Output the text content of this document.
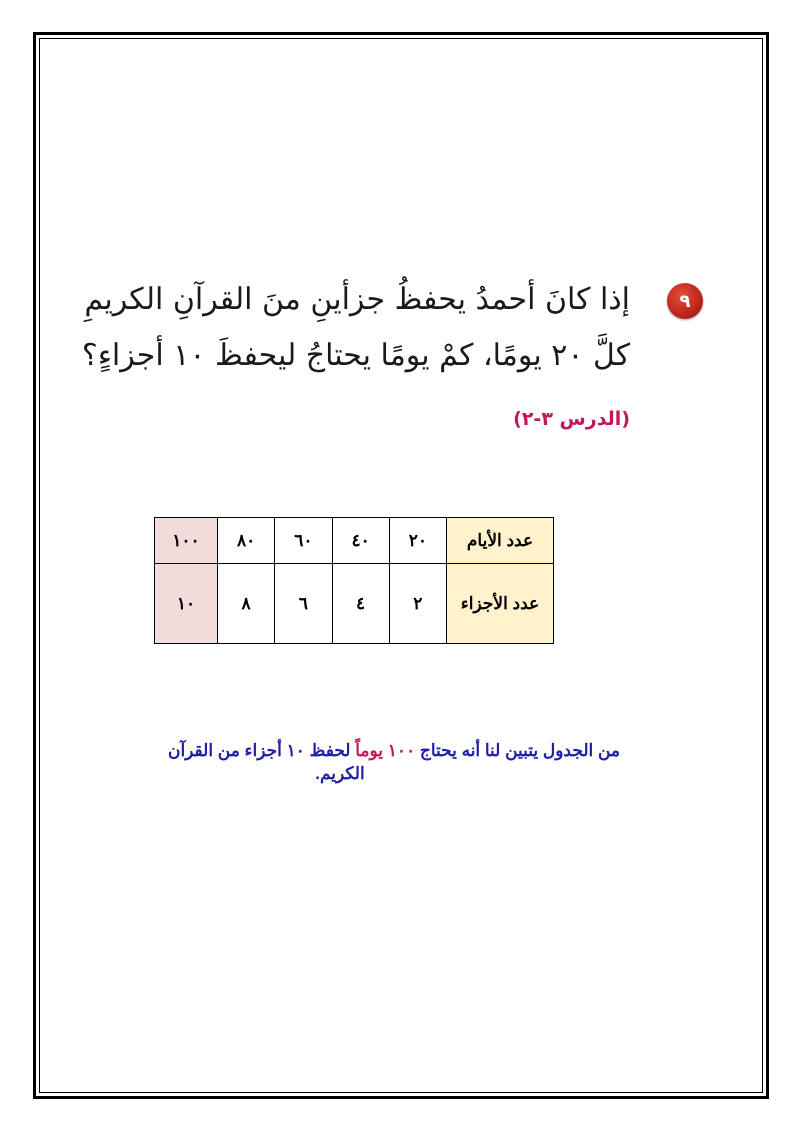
٩
إذا كانَ أحمدُ يحفظُ جزأينِ منَ القرآنِ الكريمِ
كلَّ ٢٠ يومًا، كمْ يومًا يحتاجُ ليحفظَ ١٠ أجزاءٍ؟
(الدرس ٣-٢)
عدد الأيام	٢٠	٤٠	٦٠	٨٠	١٠٠
عدد الأجزاء	٢	٤	٦	٨	١٠
من الجدول يتبين لنا أنه يحتاج ١٠٠ يوماً لحفظ ١٠ أجزاء من القرآن
الكريم.
